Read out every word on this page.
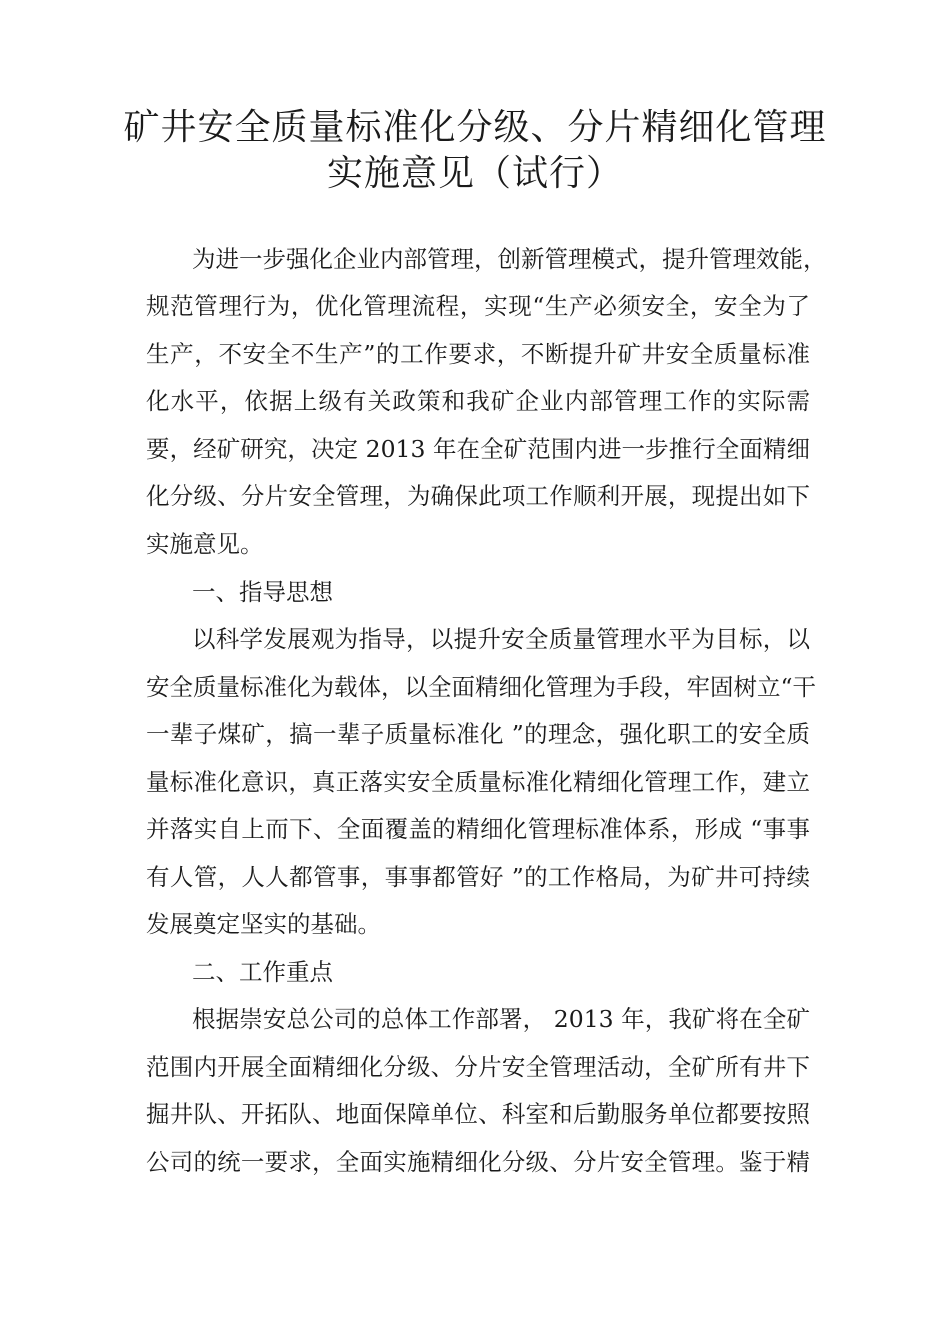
矿井安全质量标准化分级、分片精细化管理
实施意见（试行）

为进一步强化企业内部管理，创新管理模式，提升管理效能，

规范管理行为，优化管理流程，实现“生产必须安全，安全为了

生产，不安全不生产”的工作要求，不断提升矿井安全质量标准

化水平，依据上级有关政策和我矿企业内部管理工作的实际需

要，经矿研究，决定 2013 年在全矿范围内进一步推行全面精细

化分级、分片安全管理，为确保此项工作顺利开展，现提出如下

实施意见。

一、指导思想

以科学发展观为指导，以提升安全质量管理水平为目标，以

安全质量标准化为载体，以全面精细化管理为手段，牢固树立“干

一辈子煤矿，搞一辈子质量标准化 ”的理念，强化职工的安全质

量标准化意识，真正落实安全质量标准化精细化管理工作，建立

并落实自上而下、全面覆盖的精细化管理标准体系，形成 “事事

有人管，人人都管事，事事都管好 ”的工作格局，为矿井可持续

发展奠定坚实的基础。

二、工作重点

根据崇安总公司的总体工作部署， 2013 年，我矿将在全矿

范围内开展全面精细化分级、分片安全管理活动，全矿所有井下

掘井队、开拓队、地面保障单位、科室和后勤服务单位都要按照

公司的统一要求，全面实施精细化分级、分片安全管理。鉴于精
